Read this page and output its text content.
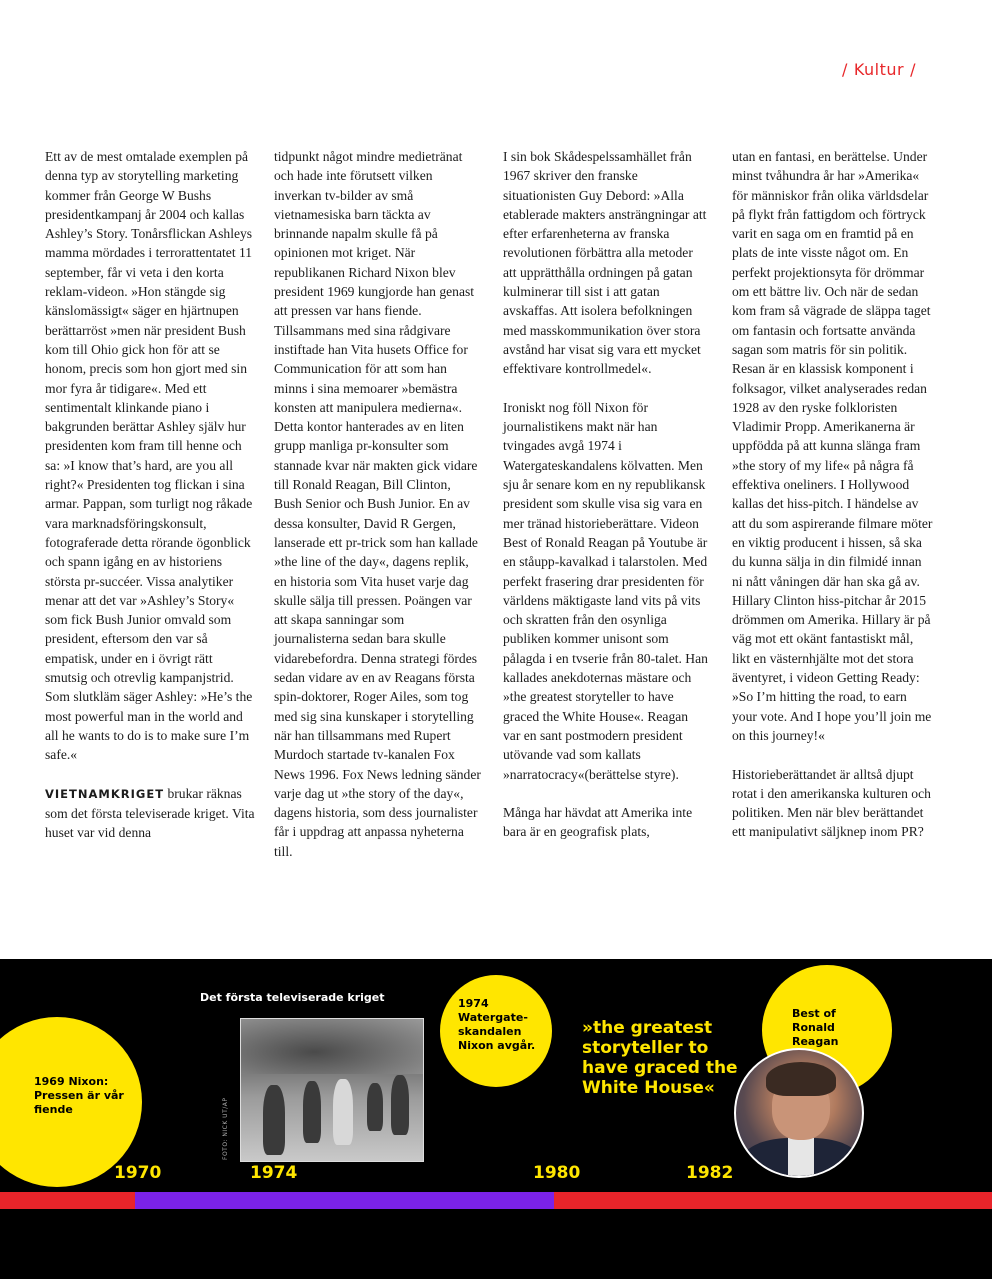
/ Kultur /

Ett av de mest omtalade exemplen på denna typ av storytelling marketing kommer från George W Bushs presidentkampanj år 2004 och kallas Ashley’s Story. Tonårsflickan Ashleys mamma mördades i terrorattentatet 11 september, får vi veta i den korta reklam-videon. »Hon stängde sig känslomässigt« säger en hjärtnupen berättarröst »men när president Bush kom till Ohio gick hon för att se honom, precis som hon gjort med sin mor fyra år tidigare«. Med ett sentimentalt klinkande piano i bakgrunden berättar Ashley själv hur presidenten kom fram till henne och sa: »I know that’s hard, are you all right?« Presidenten tog flickan i sina armar. Pappan, som turligt nog råkade vara marknadsföringskonsult, fotograferade detta rörande ögonblick och spann igång en av historiens största pr-succéer. Vissa analytiker menar att det var »Ashley’s Story« som fick Bush Junior omvald som president, eftersom den var så empatisk, under en i övrigt rätt smutsig och otrevlig kampanjstrid. Som slutkläm säger Ashley: »He’s the most powerful man in the world and all he wants to do is to make sure I’m safe.«

VIETNAMKRIGET brukar räknas som det första televiserade kriget. Vita huset var vid denna

tidpunkt något mindre medietränat och hade inte förutsett vilken inverkan tv-bilder av små vietnamesiska barn täckta av brinnande napalm skulle få på opinionen mot kriget. När republikanen Richard Nixon blev president 1969 kungjorde han genast att pressen var hans fiende. Tillsammans med sina rådgivare instiftade han Vita husets Office for Communication för att som han minns i sina memoarer »bemästra konsten att manipulera medierna«. Detta kontor hanterades av en liten grupp manliga pr-konsulter som stannade kvar när makten gick vidare till Ronald Reagan, Bill Clinton, Bush Senior och Bush Junior. En av dessa konsulter, David R Gergen, lanserade ett pr-trick som han kallade »the line of the day«, dagens replik, en historia som Vita huset varje dag skulle sälja till pressen. Poängen var att skapa sanningar som journalisterna sedan bara skulle vidarebefordra. Denna strategi fördes sedan vidare av en av Reagans första spin-doktorer, Roger Ailes, som tog med sig sina kunskaper i storytelling när han tillsammans med Rupert Murdoch startade tv-kanalen Fox News 1996. Fox News ledning sänder varje dag ut »the story of the day«, dagens historia, som dess journalister får i uppdrag att anpassa nyheterna till.

I sin bok Skådespelssamhället från 1967 skriver den franske situationisten Guy Debord: »Alla etablerade makters ansträngningar att efter erfarenheterna av franska revolutionen förbättra alla metoder att upprätthålla ordningen på gatan kulminerar till sist i att gatan avskaffas. Att isolera befolkningen med masskommunikation över stora avstånd har visat sig vara ett mycket effektivare kontrollmedel«.

Ironiskt nog föll Nixon för journalistikens makt när han tvingades avgå 1974 i Watergateskandalens kölvatten. Men sju år senare kom en ny republikansk president som skulle visa sig vara en mer tränad historieberättare. Videon Best of Ronald Reagan på Youtube är en ståupp-kavalkad i talarstolen. Med perfekt frasering drar presidenten för världens mäktigaste land vits på vits och skratten från den osynliga publiken kommer unisont som pålagda i en tvserie från 80-talet. Han kallades anekdoternas mästare och »the greatest storyteller to have graced the White House«. Reagan var en sant postmodern president utövande vad som kallats »narratocracy«(berättelse styre).

Många har hävdat att Amerika inte bara är en geografisk plats,

utan en fantasi, en berättelse. Under minst tvåhundra år har »Amerika« för människor från olika världsdelar på flykt från fattigdom och förtryck varit en saga om en framtid på en plats de inte visste något om. En perfekt projektionsyta för drömmar om ett bättre liv. Och när de sedan kom fram så vägrade de släppa taget om fantasin och fortsatte använda sagan som matris för sin politik. Resan är en klassisk komponent i folksagor, vilket analyserades redan 1928 av den ryske folkloristen Vladimir Propp. Amerikanerna är uppfödda på att kunna slänga fram »the story of my life« på några få effektiva oneliners. I Hollywood kallas det hiss-pitch. I händelse av att du som aspirerande filmare möter en viktig producent i hissen, så ska du kunna sälja in din filmidé innan ni nått våningen där han ska gå av. Hillary Clinton hiss-pitchar år 2015 drömmen om Amerika. Hillary är på väg mot ett okänt fantastiskt mål, likt en västernhjälte mot det stora äventyret, i videon Getting Ready: »So I’m hitting the road, to earn your vote. And I hope you’ll join me on this journey!«

Historieberättandet är alltså djupt rotat i den amerikanska kulturen och politiken. Men när blev berättandet ett manipulativt säljknep inom PR?

1969 Nixon: Pressen är vår fiende
Det första televiserade kriget
FOTO: NICK UT/AP
1974 Watergate-skandalen Nixon avgår.
»the greatest storyteller to have graced the White House«
Best of Ronald Reagan
1970	1974	1980	1982
